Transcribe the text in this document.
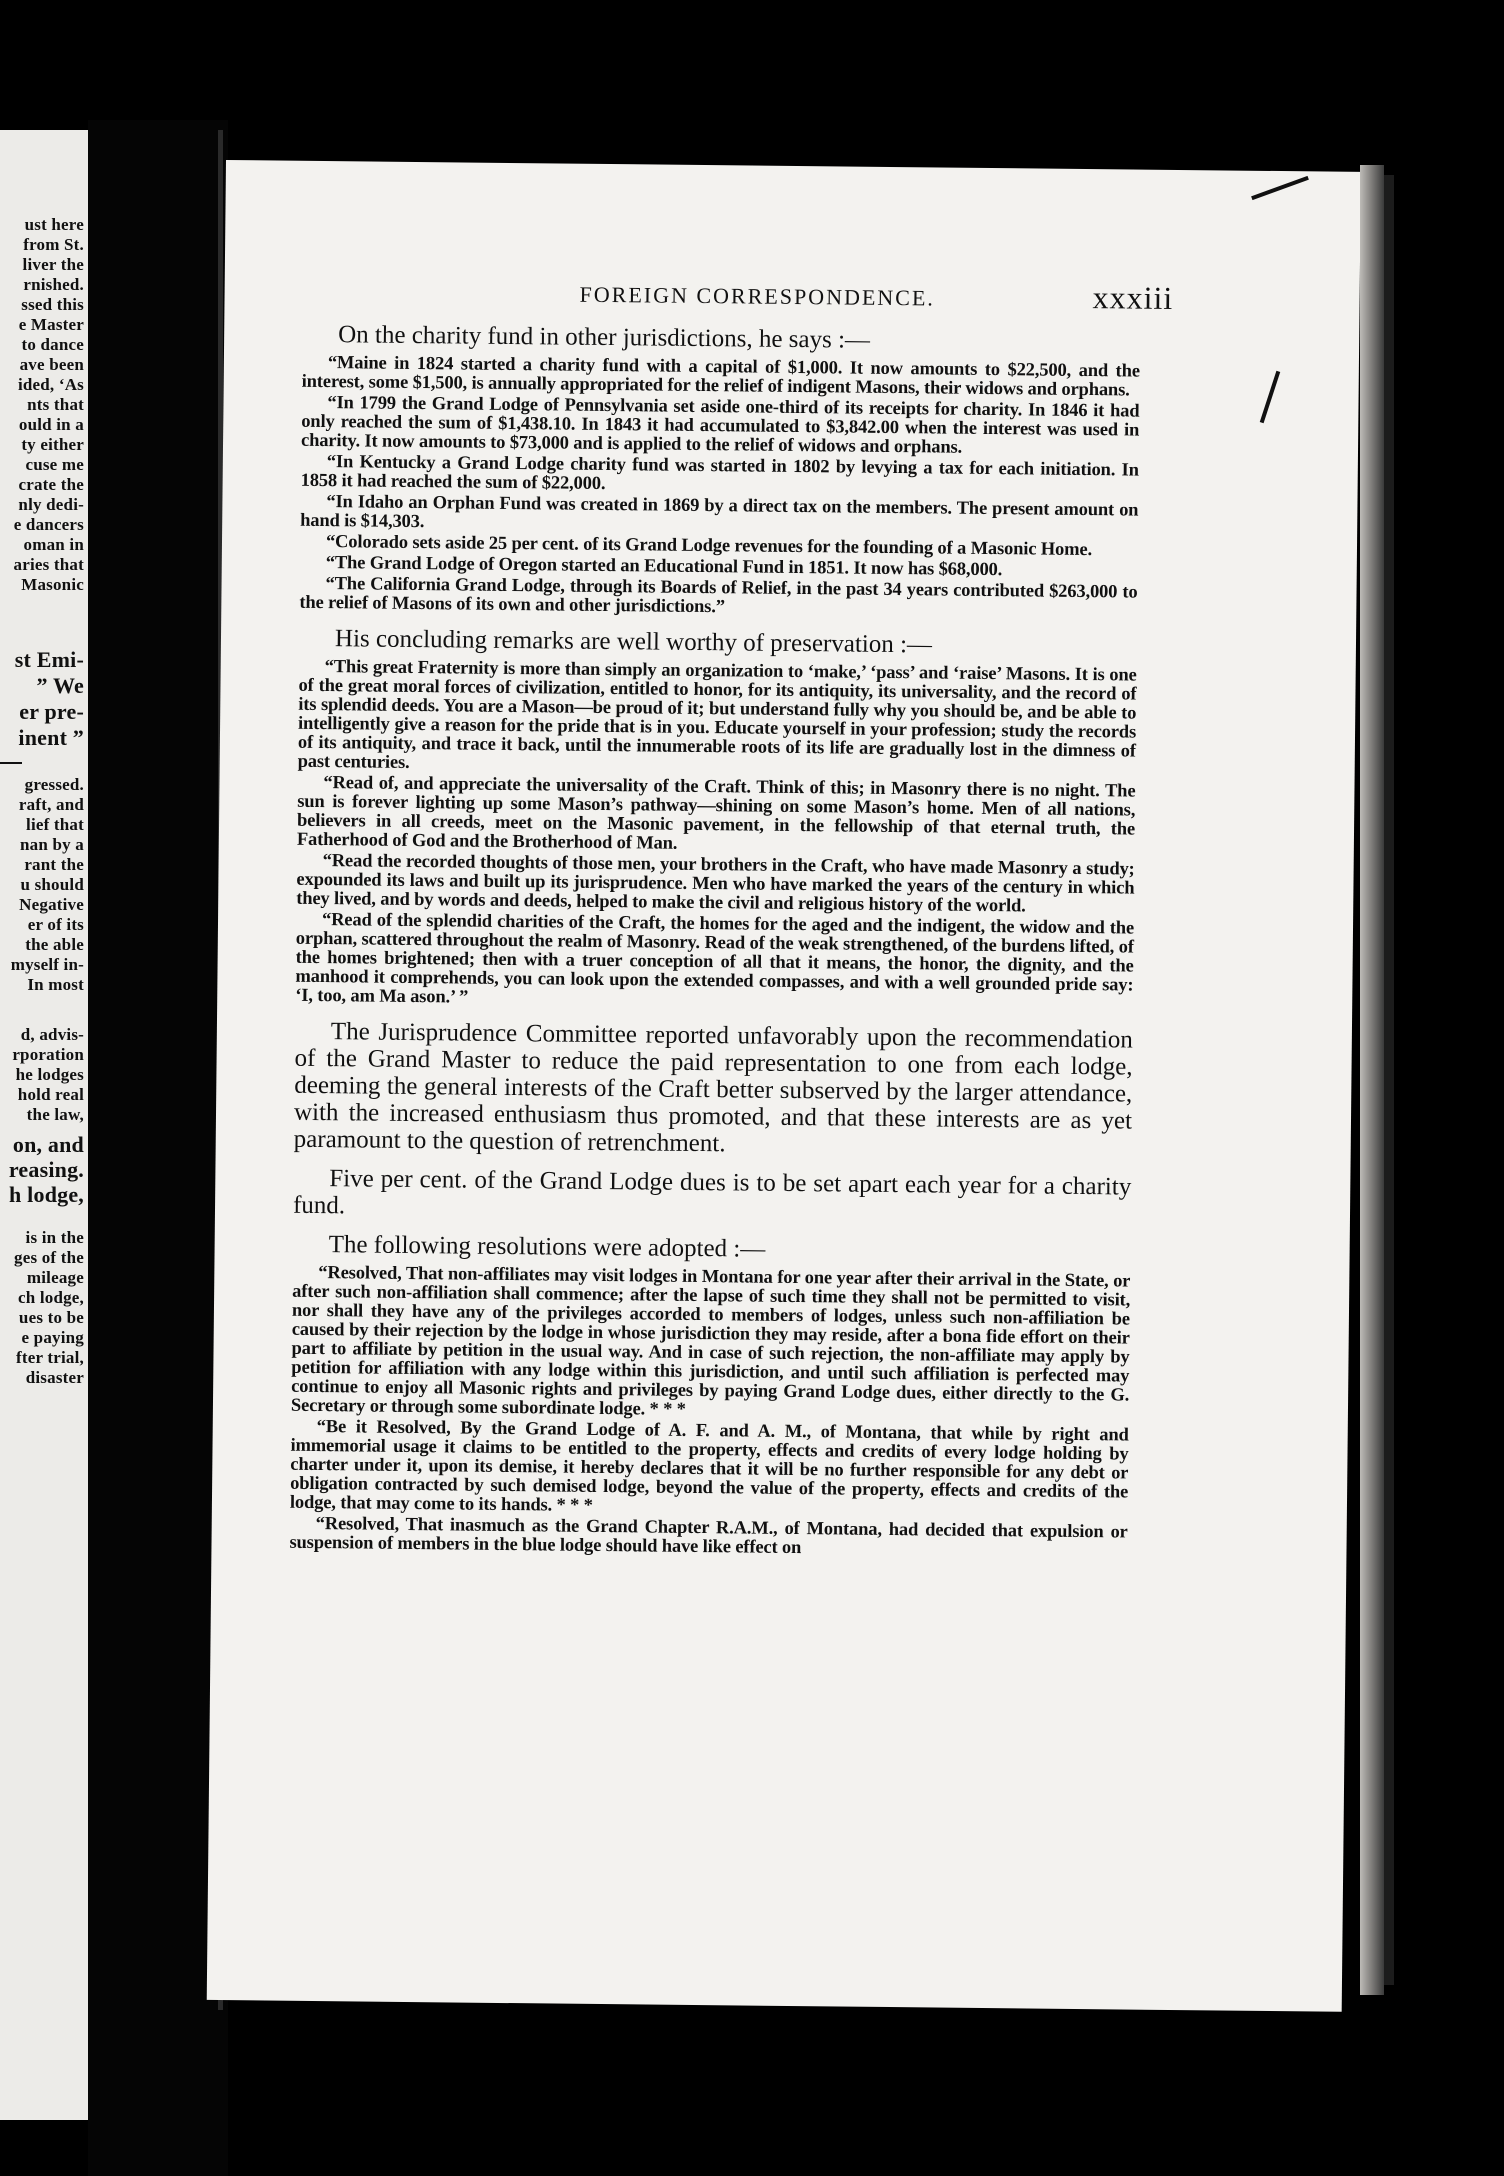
ust here
from St.
liver the
rnished.
ssed this
e Master
to dance
ave been
ided, ‘As
nts that
ould in a
ty either
cuse me
crate the
nly dedi-
e dancers
oman in
aries that
Masonic
st Emi-
” We
er pre-
inent ”
gressed.
raft, and
lief that
nan by a
rant the
u should
Negative
er of its
the able
myself in-
In most
d, advis-
rporation
he lodges
hold real
the law,
on, and
reasing.
h lodge,
is in the
ges of the
mileage
ch lodge,
ues to be
e paying
fter trial,
disaster
FOREIGN CORRESPONDENCE.	xxxiii

On the charity fund in other jurisdictions, he says :—

“Maine in 1824 started a charity fund with a capital of $1,000. It now amounts to $22,500, and the interest, some $1,500, is annually appropriated for the relief of indigent Masons, their widows and orphans.

“In 1799 the Grand Lodge of Pennsylvania set aside one-third of its receipts for charity. In 1846 it had only reached the sum of $1,438.10. In 1843 it had accumulated to $3,842.00 when the interest was used in charity. It now amounts to $73,000 and is applied to the relief of widows and orphans.

“In Kentucky a Grand Lodge charity fund was started in 1802 by levying a tax for each initiation. In 1858 it had reached the sum of $22,000.

“In Idaho an Orphan Fund was created in 1869 by a direct tax on the members. The present amount on hand is $14,303.

“Colorado sets aside 25 per cent. of its Grand Lodge revenues for the founding of a Masonic Home.

“The Grand Lodge of Oregon started an Educational Fund in 1851. It now has $68,000.

“The California Grand Lodge, through its Boards of Relief, in the past 34 years contributed $263,000 to the relief of Masons of its own and other jurisdictions.”

His concluding remarks are well worthy of preservation :—

“This great Fraternity is more than simply an organization to ‘make,’ ‘pass’ and ‘raise’ Masons. It is one of the great moral forces of civilization, entitled to honor, for its antiquity, its universality, and the record of its splendid deeds. You are a Mason—be proud of it; but understand fully why you should be, and be able to intelligently give a reason for the pride that is in you. Educate yourself in your profession; study the records of its antiquity, and trace it back, until the innumerable roots of its life are gradually lost in the dimness of past centuries.

“Read of, and appreciate the universality of the Craft. Think of this; in Masonry there is no night. The sun is forever lighting up some Mason’s pathway—shining on some Mason’s home. Men of all nations, believers in all creeds, meet on the Masonic pavement, in the fellowship of that eternal truth, the Fatherhood of God and the Brotherhood of Man.

“Read the recorded thoughts of those men, your brothers in the Craft, who have made Masonry a study; expounded its laws and built up its jurisprudence. Men who have marked the years of the century in which they lived, and by words and deeds, helped to make the civil and religious history of the world.

“Read of the splendid charities of the Craft, the homes for the aged and the indigent, the widow and the orphan, scattered throughout the realm of Masonry. Read of the weak strengthened, of the burdens lifted, of the homes brightened; then with a truer conception of all that it means, the honor, the dignity, and the manhood it comprehends, you can look upon the extended compasses, and with a well grounded pride say: ‘I, too, am Ma ason.’ ”

The Jurisprudence Committee reported unfavorably upon the recommendation of the Grand Master to reduce the paid representation to one from each lodge, deeming the general interests of the Craft better subserved by the larger attendance, with the increased enthusiasm thus promoted, and that these interests are as yet paramount to the question of retrenchment.

Five per cent. of the Grand Lodge dues is to be set apart each year for a charity fund.

The following resolutions were adopted :—

“Resolved, That non-affiliates may visit lodges in Montana for one year after their arrival in the State, or after such non-affiliation shall commence; after the lapse of such time they shall not be permitted to visit, nor shall they have any of the privileges accorded to members of lodges, unless such non-affiliation be caused by their rejection by the lodge in whose jurisdiction they may reside, after a bona fide effort on their part to affiliate by petition in the usual way. And in case of such rejection, the non-affiliate may apply by petition for affiliation with any lodge within this jurisdiction, and until such affiliation is perfected may continue to enjoy all Masonic rights and privileges by paying Grand Lodge dues, either directly to the G. Secretary or through some subordinate lodge. * * *

“Be it Resolved, By the Grand Lodge of A. F. and A. M., of Montana, that while by right and immemorial usage it claims to be entitled to the property, effects and credits of every lodge holding by charter under it, upon its demise, it hereby declares that it will be no further responsible for any debt or obligation contracted by such demised lodge, beyond the value of the property, effects and credits of the lodge, that may come to its hands. * * *

“Resolved, That inasmuch as the Grand Chapter R.A.M., of Montana, had decided that expulsion or suspension of members in the blue lodge should have like effect on
